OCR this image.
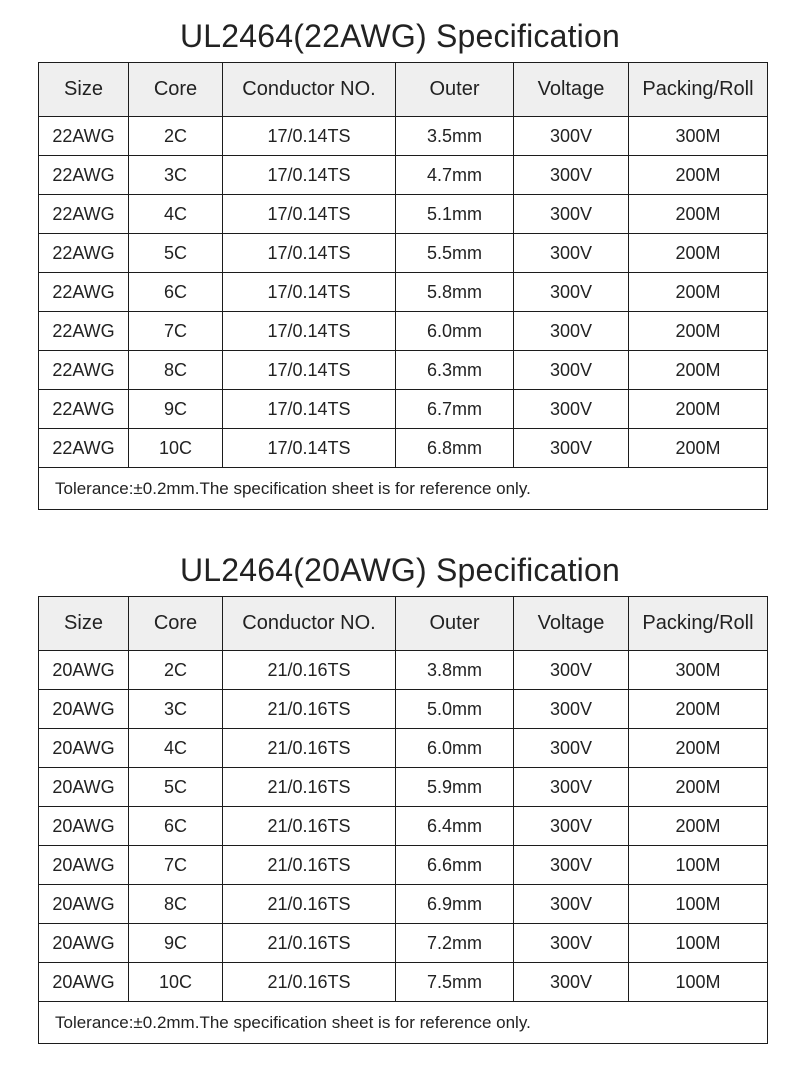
UL2464(22AWG) Specification
Size	Core	Conductor NO.	Outer	Voltage	Packing/Roll
22AWG	2C	17/0.14TS	3.5mm	300V	300M
22AWG	3C	17/0.14TS	4.7mm	300V	200M
22AWG	4C	17/0.14TS	5.1mm	300V	200M
22AWG	5C	17/0.14TS	5.5mm	300V	200M
22AWG	6C	17/0.14TS	5.8mm	300V	200M
22AWG	7C	17/0.14TS	6.0mm	300V	200M
22AWG	8C	17/0.14TS	6.3mm	300V	200M
22AWG	9C	17/0.14TS	6.7mm	300V	200M
22AWG	10C	17/0.14TS	6.8mm	300V	200M
Tolerance:±0.2mm.The specification sheet is for reference only.					
UL2464(20AWG) Specification
Size	Core	Conductor NO.	Outer	Voltage	Packing/Roll
20AWG	2C	21/0.16TS	3.8mm	300V	300M
20AWG	3C	21/0.16TS	5.0mm	300V	200M
20AWG	4C	21/0.16TS	6.0mm	300V	200M
20AWG	5C	21/0.16TS	5.9mm	300V	200M
20AWG	6C	21/0.16TS	6.4mm	300V	200M
20AWG	7C	21/0.16TS	6.6mm	300V	100M
20AWG	8C	21/0.16TS	6.9mm	300V	100M
20AWG	9C	21/0.16TS	7.2mm	300V	100M
20AWG	10C	21/0.16TS	7.5mm	300V	100M
Tolerance:±0.2mm.The specification sheet is for reference only.					
